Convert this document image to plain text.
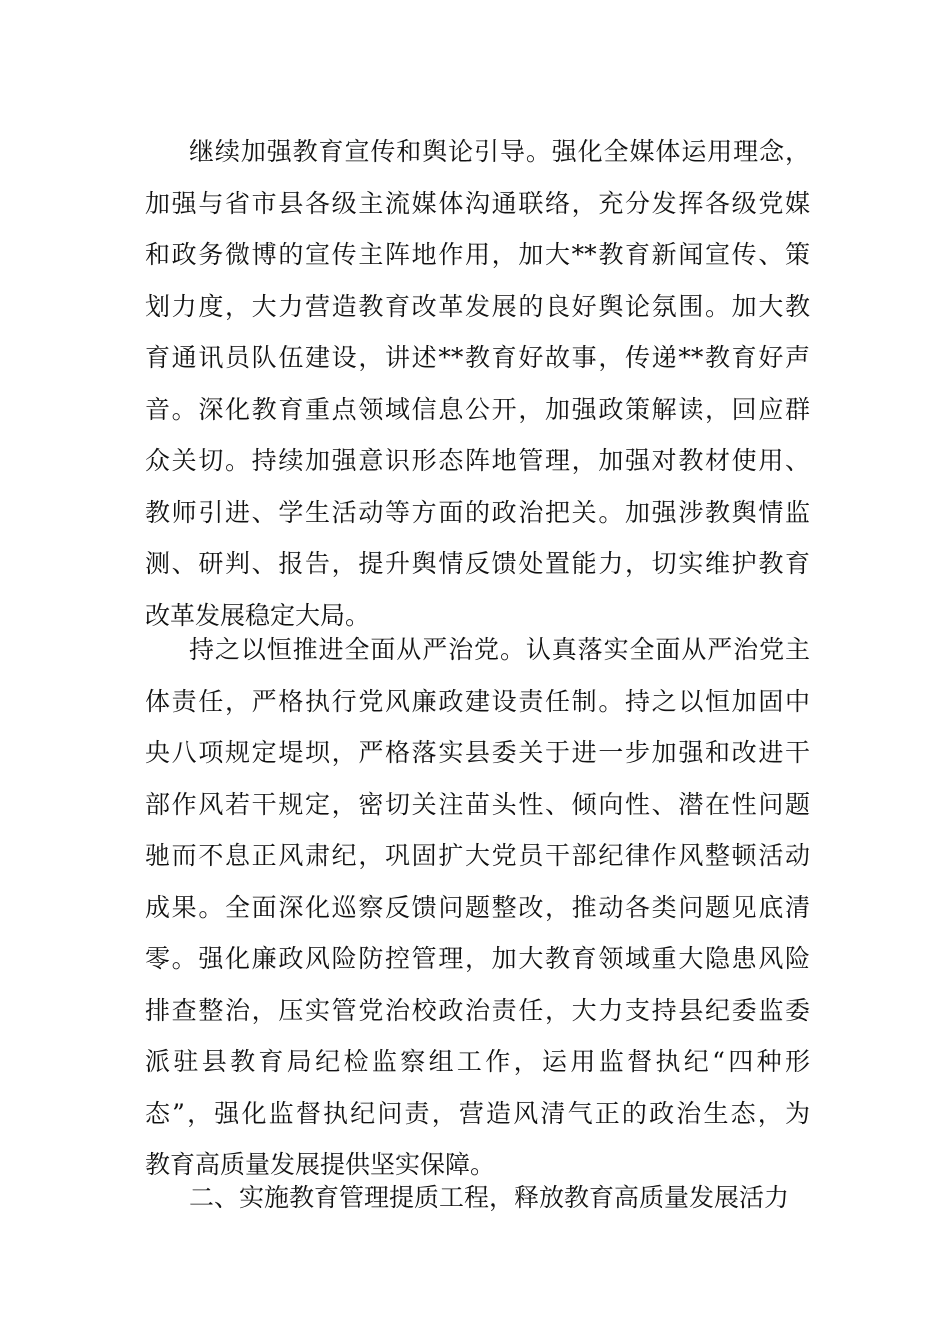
继续加强教育宣传和舆论引导。强化全媒体运用理念，
加强与省市县各级主流媒体沟通联络，充分发挥各级党媒
和政务微博的宣传主阵地作用，加大**教育新闻宣传、策
划力度，大力营造教育改革发展的良好舆论氛围。加大教
育通讯员队伍建设，讲述**教育好故事，传递**教育好声
音。深化教育重点领域信息公开，加强政策解读，回应群
众关切。持续加强意识形态阵地管理，加强对教材使用、
教师引进、学生活动等方面的政治把关。加强涉教舆情监
测、研判、报告，提升舆情反馈处置能力，切实维护教育
改革发展稳定大局。
持之以恒推进全面从严治党。认真落实全面从严治党主
体责任，严格执行党风廉政建设责任制。持之以恒加固中
央八项规定堤坝，严格落实县委关于进一步加强和改进干
部作风若干规定，密切关注苗头性、倾向性、潜在性问题
驰而不息正风肃纪，巩固扩大党员干部纪律作风整顿活动
成果。全面深化巡察反馈问题整改，推动各类问题见底清
零。强化廉政风险防控管理，加大教育领域重大隐患风险
排查整治，压实管党治校政治责任，大力支持县纪委监委
派驻县教育局纪检监察组工作，运用监督执纪“四种形
态”，强化监督执纪问责，营造风清气正的政治生态，为
教育高质量发展提供坚实保障。
二、实施教育管理提质工程，释放教育高质量发展活力
